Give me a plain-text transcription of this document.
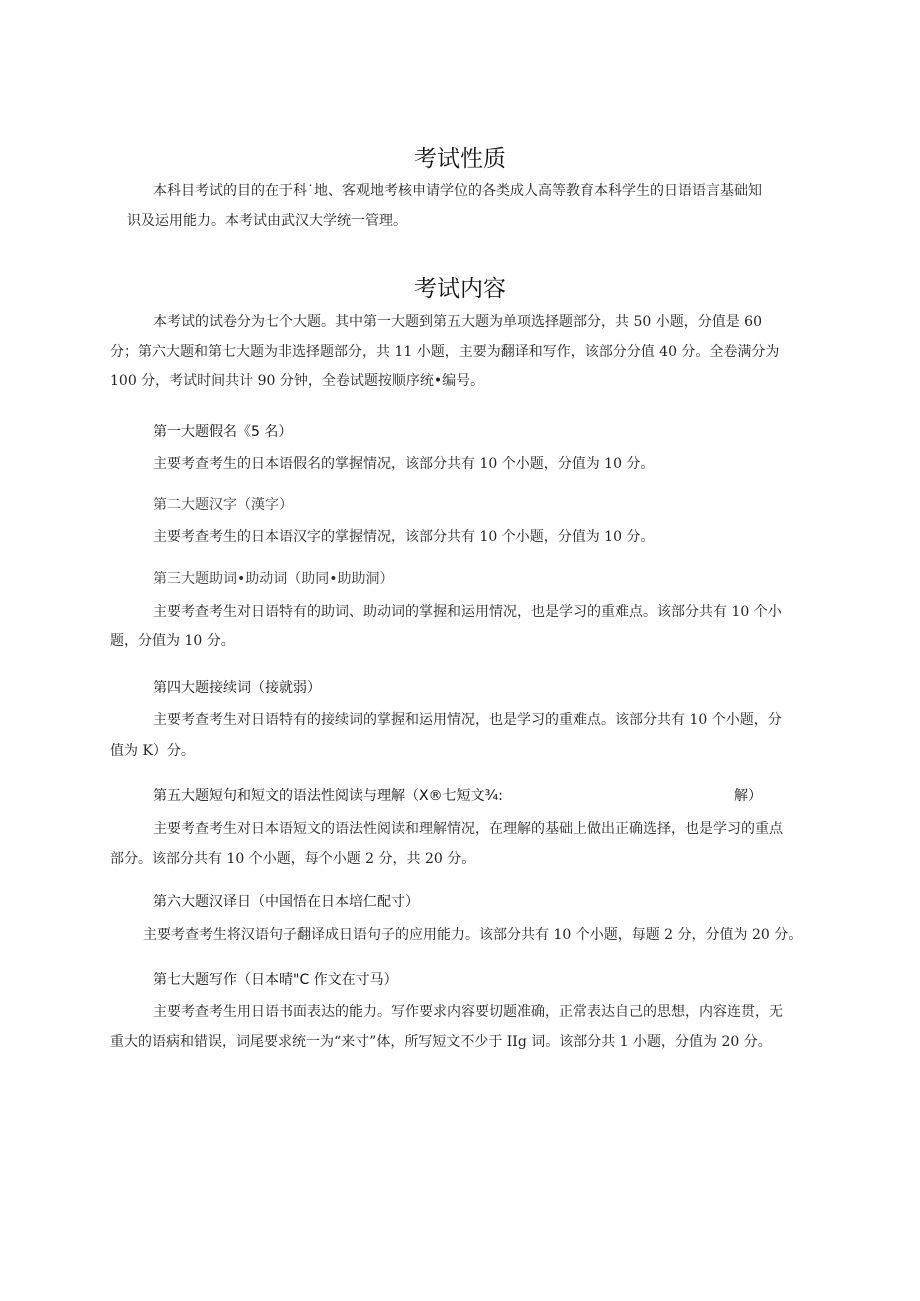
考试性质

本科目考试的目的在于科˙地、客观地考核申请学位的各类成人高等教育本科学生的日语语言基础知

识及运用能力。本考试由武汉大学统一管理。

考试内容

本考试的试卷分为七个大题。其中第一大题到第五大题为单项选择题部分，共 50 小题，分值是 60

分；第六大题和第七大题为非选择题部分，共 11 小题，主要为翻译和写作，该部分分值 40 分。全卷满分为

100 分，考试时间共计 90 分钟，全卷试题按顺序统•编号。

第一大题假名《5 名）

主要考查考生的日本语假名的掌握情况，该部分共有 10 个小题，分值为 10 分。

第二大题汉字（漢字）

主要考查考生的日本语汉字的掌握情况，该部分共有 10 个小题，分值为 10 分。

第三大题助词•助动词（助同•助助洞）

主要考查考生对日语特有的助词、助动词的掌握和运用情况，也是学习的重难点。该部分共有 10 个小

题，分值为 10 分。

第四大题接续词（接就弱）

主要考查考生对日语特有的接续词的掌握和运用情况，也是学习的重难点。该部分共有 10 个小题，分

值为 K）分。

第五大题短句和短文的语法性阅读与理解（X®七短文¾:	解）

主要考查考生对日本语短文的语法性阅读和理解情况，在理解的基础上做出正确选择，也是学习的重点

部分。该部分共有 10 个小题，每个小题 2 分，共 20 分。

第六大题汉译日（中国悟在日本培仁配寸）

主要考查考生将汉语句子翻译成日语句子的应用能力。该部分共有 10 个小题，每题 2 分，分值为 20 分。

第七大题写作（日本晴"C 作文在寸马）

主要考查考生用日语书面表达的能力。写作要求内容要切题准确，正常表达自己的思想，内容连贯，无

重大的语病和错误，词尾要求统一为“来寸”体，所写短文不少于 IIg 词。该部分共 1 小题，分值为 20 分。
